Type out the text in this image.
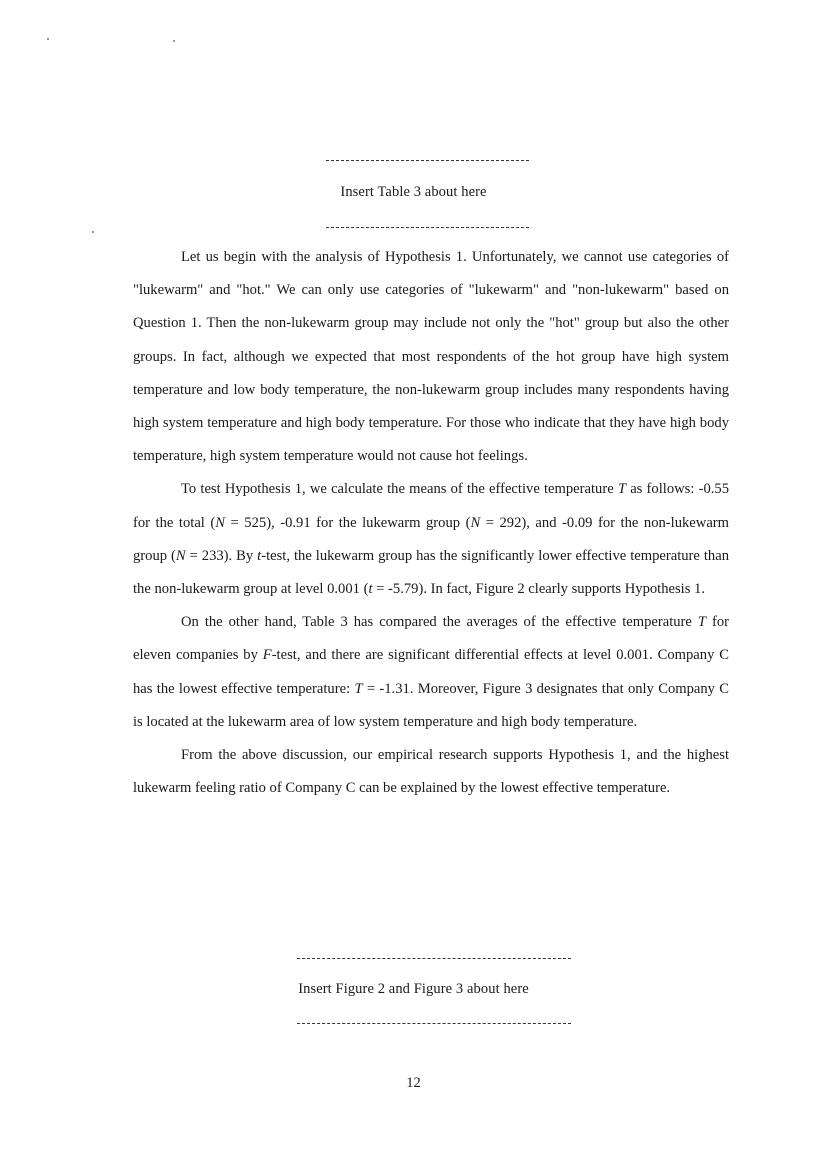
Insert Table 3 about here

Let us begin with the analysis of Hypothesis 1. Unfortunately, we cannot use categories of "lukewarm" and "hot." We can only use categories of "lukewarm" and "non-lukewarm" based on Question 1. Then the non-lukewarm group may include not only the "hot" group but also the other groups. In fact, although we expected that most respondents of the hot group have high system temperature and low body temperature, the non-lukewarm group includes many respondents having high system temperature and high body temperature. For those who indicate that they have high body temperature, high system temperature would not cause hot feelings.

To test Hypothesis 1, we calculate the means of the effective temperature T as follows: -0.55 for the total (N = 525), -0.91 for the lukewarm group (N = 292), and -0.09 for the non-lukewarm group (N = 233). By t-test, the lukewarm group has the significantly lower effective temperature than the non-lukewarm group at level 0.001 (t = -5.79). In fact, Figure 2 clearly supports Hypothesis 1.

On the other hand, Table 3 has compared the averages of the effective temperature T for eleven companies by F-test, and there are significant differential effects at level 0.001. Company C has the lowest effective temperature: T = -1.31. Moreover, Figure 3 designates that only Company C is located at the lukewarm area of low system temperature and high body temperature.

From the above discussion, our empirical research supports Hypothesis 1, and the highest lukewarm feeling ratio of Company C can be explained by the lowest effective temperature.

Insert Figure 2 and Figure 3 about here
12
